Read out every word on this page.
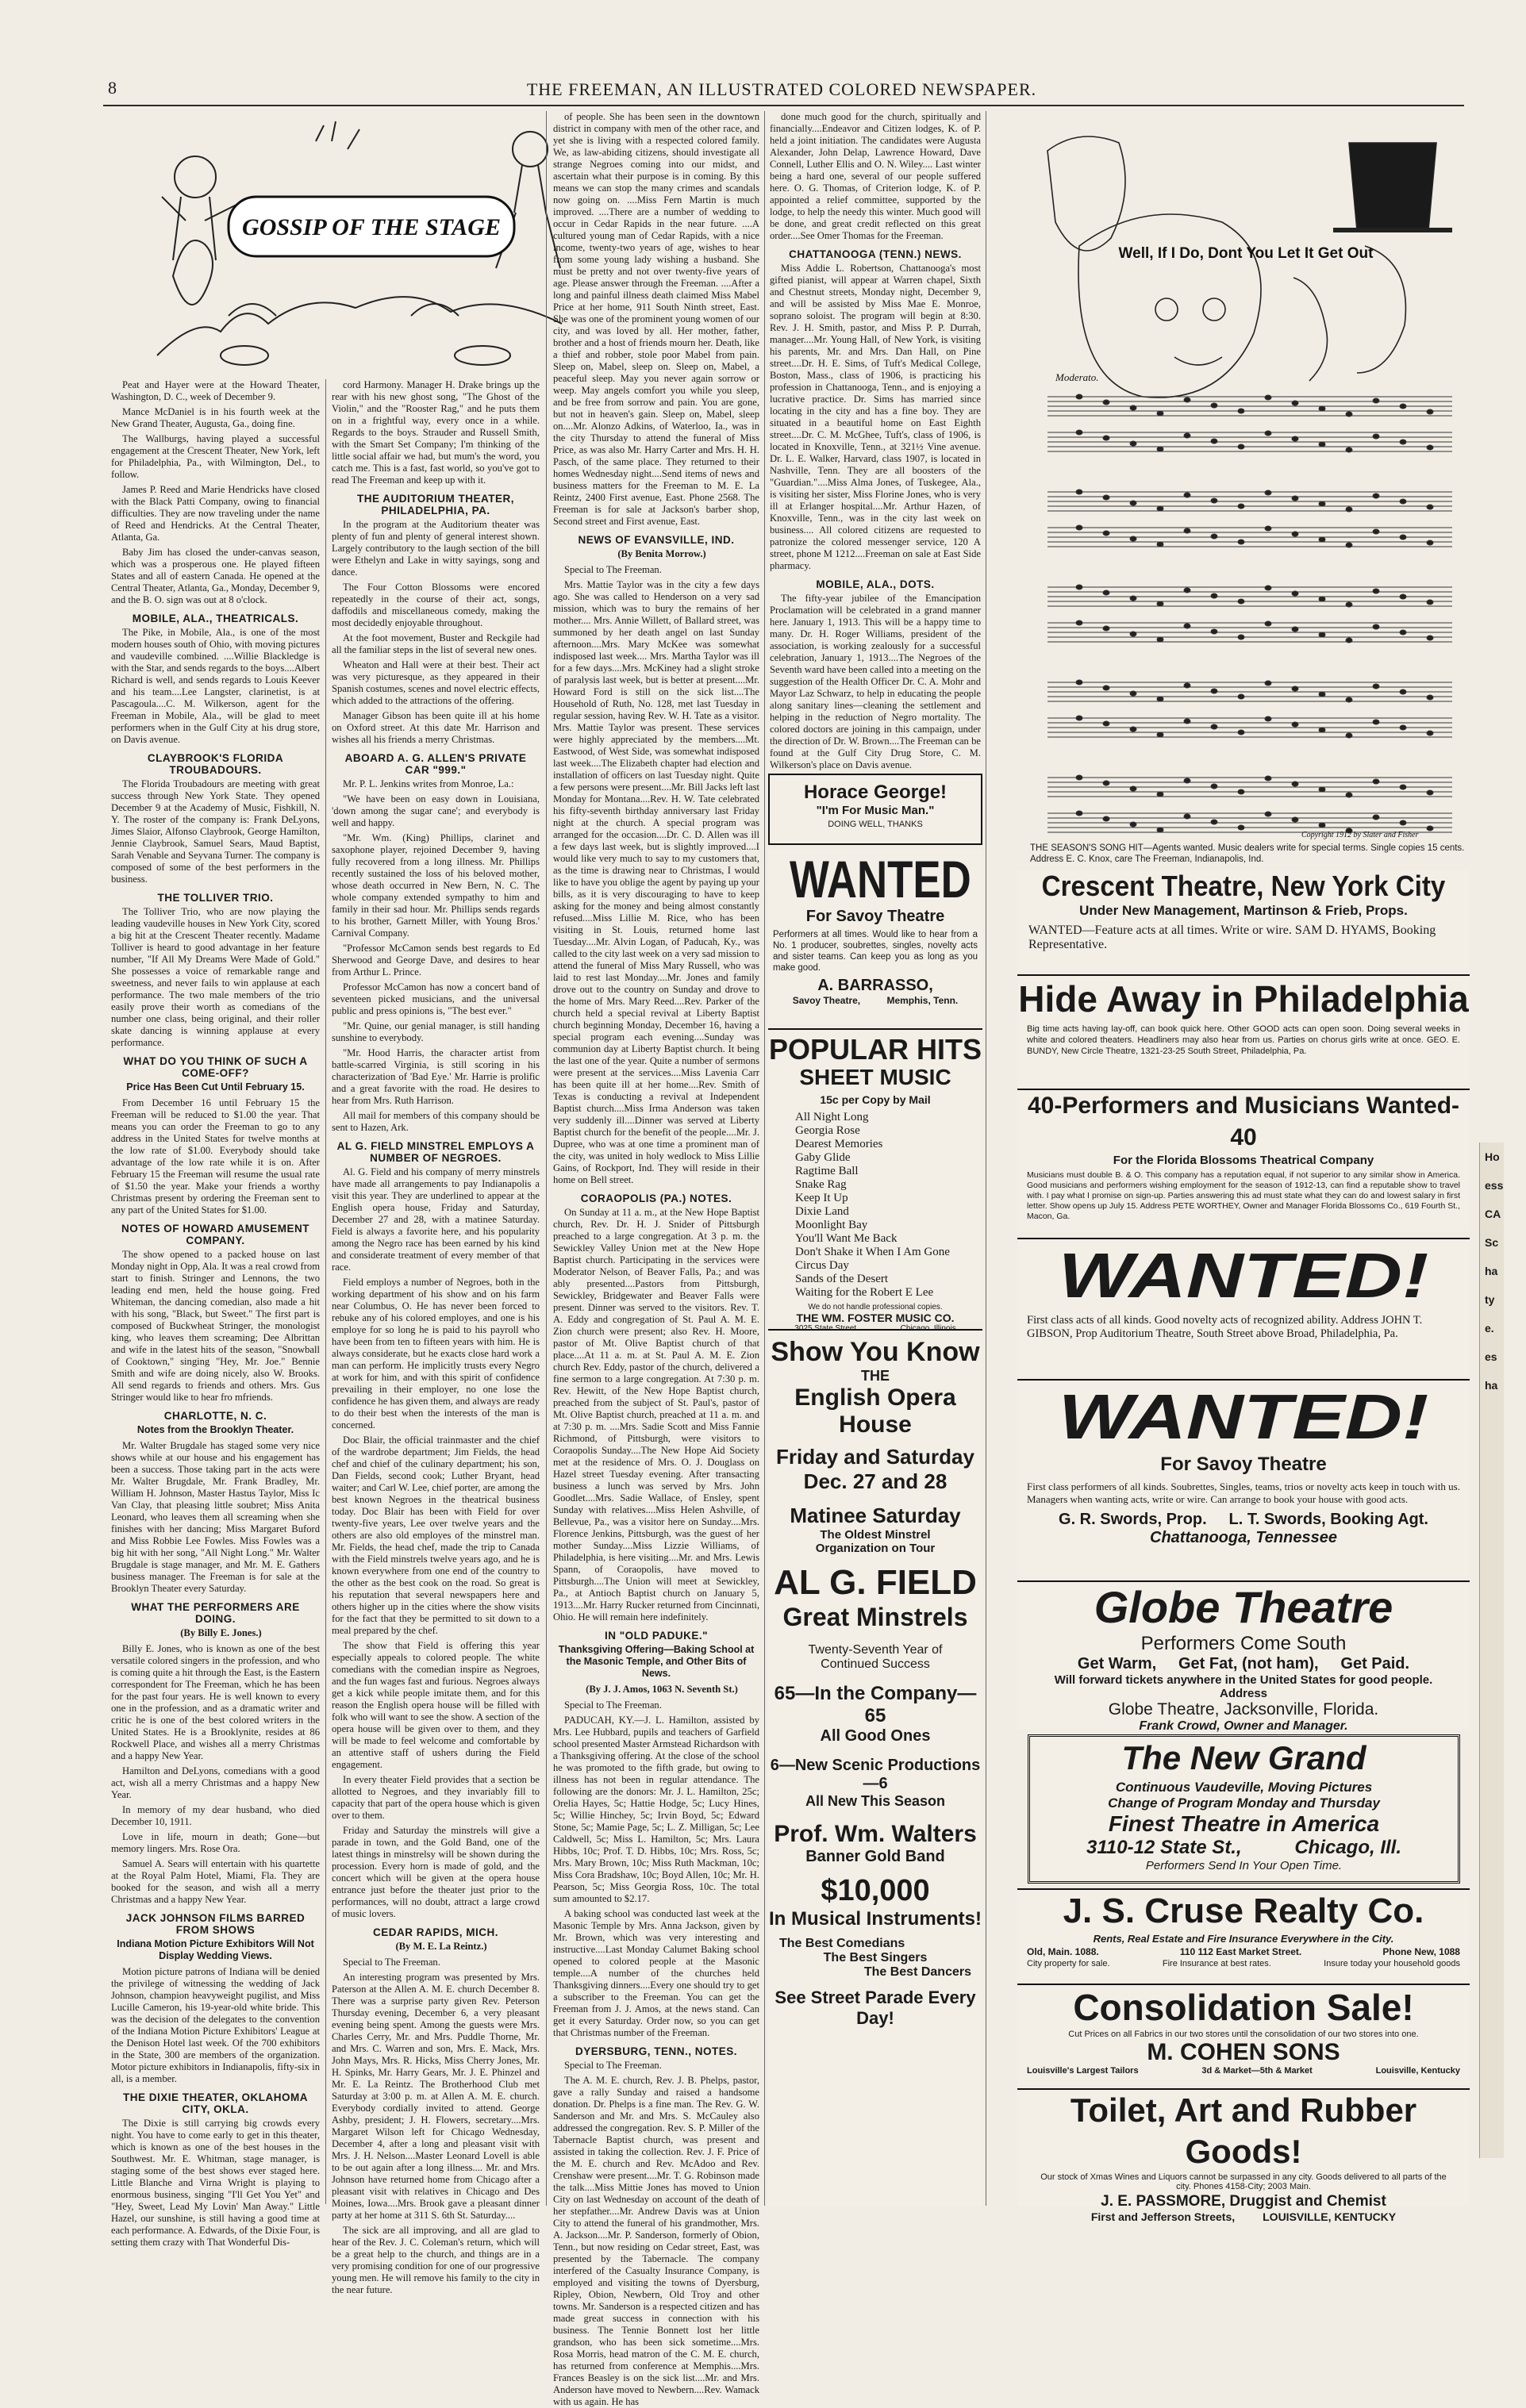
8	THE FREEMAN, AN ILLUSTRATED COLORED NEWSPAPER.
GOSSIP OF THE STAGE

Peat and Hayer were at the Howard Theater, Washington, D. C., week of December 9.

Mance McDaniel is in his fourth week at the New Grand Theater, Augusta, Ga., doing fine.

The Wallburgs, having played a successful engagement at the Crescent Theater, New York, left for Philadelphia, Pa., with Wilmington, Del., to follow.

James P. Reed and Marie Hendricks have closed with the Black Patti Company, owing to financial difficulties. They are now traveling under the name of Reed and Hendricks. At the Central Theater, Atlanta, Ga.

Baby Jim has closed the under-canvas season, which was a prosperous one. He played fifteen States and all of eastern Canada. He opened at the Central Theater, Atlanta, Ga., Monday, December 9, and the B. O. sign was out at 8 o'clock.

MOBILE, ALA., THEATRICALS.

The Pike, in Mobile, Ala., is one of the most modern houses south of Ohio, with moving pictures and vaudeville combined. ....Willie Blackledge is with the Star, and sends regards to the boys....Albert Richard is well, and sends regards to Louis Keever and his team....Lee Langster, clarinetist, is at Pascagoula....C. M. Wilkerson, agent for the Freeman in Mobile, Ala., will be glad to meet performers when in the Gulf City at his drug store, on Davis avenue.

CLAYBROOK'S FLORIDA TROUBADOURS.

The Florida Troubadours are meeting with great success through New York State. They opened December 9 at the Academy of Music, Fishkill, N. Y. The roster of the company is: Frank DeLyons, Jimes Slaior, Alfonso Claybrook, George Hamilton, Jennie Claybrook, Samuel Sears, Maud Baptist, Sarah Venable and Seyvana Turner. The company is composed of some of the best performers in the business.

THE TOLLIVER TRIO.

The Tolliver Trio, who are now playing the leading vaudeville houses in New York City, scored a big hit at the Crescent Theater recently. Madame Tolliver is heard to good advantage in her feature number, "If All My Dreams Were Made of Gold." She possesses a voice of remarkable range and sweetness, and never fails to win applause at each performance. The two male members of the trio easily prove their worth as comedians of the number one class, being original, and their roller skate dancing is winning applause at every performance.

WHAT DO YOU THINK OF SUCH A COME-OFF?
Price Has Been Cut Until February 15.

From December 16 until February 15 the Freeman will be reduced to $1.00 the year. That means you can order the Freeman to go to any address in the United States for twelve months at the low rate of $1.00. Everybody should take advantage of the low rate while it is on. After February 15 the Freeman will resume the usual rate of $1.50 the year. Make your friends a worthy Christmas present by ordering the Freeman sent to any part of the United States for $1.00.

NOTES OF HOWARD AMUSEMENT COMPANY.

The show opened to a packed house on last Monday night in Opp, Ala. It was a real crowd from start to finish. Stringer and Lennons, the two leading end men, held the house going. Fred Whiteman, the dancing comedian, also made a hit with his song, "Black, but Sweet." The first part is composed of Buckwheat Stringer, the monologist king, who leaves them screaming; Dee Albrittan and wife in the latest hits of the season, "Snowball of Cooktown," singing "Hey, Mr. Joe." Bennie Smith and wife are doing nicely, also W. Brooks. All send regards to friends and others. Mrs. Gus Stringer would like to hear fro mfriends.

CHARLOTTE, N. C.
Notes from the Brooklyn Theater.

Mr. Walter Brugdale has staged some very nice shows while at our house and his engagement has been a success. Those taking part in the acts were Mr. Walter Brugdale, Mr. Frank Bradley, Mr. William H. Johnson, Master Hastus Taylor, Miss Ic Van Clay, that pleasing little soubret; Miss Anita Leonard, who leaves them all screaming when she finishes with her dancing; Miss Margaret Buford and Miss Robbie Lee Fowles. Miss Fowles was a big hit with her song, "All Night Long." Mr. Walter Brugdale is stage manager, and Mr. M. E. Gathers business manager. The Freeman is for sale at the Brooklyn Theater every Saturday.

WHAT THE PERFORMERS ARE DOING.

(By Billy E. Jones.)

Billy E. Jones, who is known as one of the best versatile colored singers in the profession, and who is coming quite a hit through the East, is the Eastern correspondent for The Freeman, which he has been for the past four years. He is well known to every one in the profession, and as a dramatic writer and critic he is one of the best colored writers in the United States. He is a Brooklynite, resides at 86 Rockwell Place, and wishes all a merry Christmas and a happy New Year.

Hamilton and DeLyons, comedians with a good act, wish all a merry Christmas and a happy New Year.

In memory of my dear husband, who died December 10, 1911.

Love in life, mourn in death; Gone—but memory lingers. Mrs. Rose Ora.

Samuel A. Sears will entertain with his quartette at the Royal Palm Hotel, Miami, Fla. They are booked for the season, and wish all a merry Christmas and a happy New Year.

JACK JOHNSON FILMS BARRED FROM SHOWS
Indiana Motion Picture Exhibitors Will Not Display Wedding Views.

Motion picture patrons of Indiana will be denied the privilege of witnessing the wedding of Jack Johnson, champion heavyweight pugilist, and Miss Lucille Cameron, his 19-year-old white bride. This was the decision of the delegates to the convention of the Indiana Motion Picture Exhibitors' League at the Denison Hotel last week. Of the 700 exhibitors in the State, 300 are members of the organization. Motor picture exhibitors in Indianapolis, fifty-six in all, is a member.

THE DIXIE THEATER, OKLAHOMA CITY, OKLA.

The Dixie is still carrying big crowds every night. You have to come early to get in this theater, which is known as one of the best houses in the Southwest. Mr. E. Whitman, stage manager, is staging some of the best shows ever staged here. Little Blanche and Virna Wright is playing to enormous business, singing "I'll Get You Yet" and "Hey, Sweet, Lead My Lovin' Man Away." Little Hazel, our sunshine, is still having a good time at each performance. A. Edwards, of the Dixie Four, is setting them crazy with That Wonderful Dis-

cord Harmony. Manager H. Drake brings up the rear with his new ghost song, "The Ghost of the Violin," and the "Rooster Rag," and he puts them on in a frightful way, every once in a while. Regards to the boys. Strauder and Russell Smith, with the Smart Set Company; I'm thinking of the little social affair we had, but mum's the word, you catch me. This is a fast, fast world, so you've got to read The Freeman and keep up with it.

THE AUDITORIUM THEATER, PHILADELPHIA, PA.

In the program at the Auditorium theater was plenty of fun and plenty of general interest shown. Largely contributory to the laugh section of the bill were Ethelyn and Lake in witty sayings, song and dance.

The Four Cotton Blossoms were encored repeatedly in the course of their act, songs, daffodils and miscellaneous comedy, making the most decidedly enjoyable throughout.

At the foot movement, Buster and Reckgile had all the familiar steps in the list of several new ones.

Wheaton and Hall were at their best. Their act was very picturesque, as they appeared in their Spanish costumes, scenes and novel electric effects, which added to the attractions of the offering.

Manager Gibson has been quite ill at his home on Oxford street. At this date Mr. Harrison and wishes all his friends a merry Christmas.

ABOARD A. G. ALLEN'S PRIVATE CAR "999."

Mr. P. L. Jenkins writes from Monroe, La.:

"We have been on easy down in Louisiana, 'down among the sugar cane'; and everybody is well and happy.

"Mr. Wm. (King) Phillips, clarinet and saxophone player, rejoined December 9, having fully recovered from a long illness. Mr. Phillips recently sustained the loss of his beloved mother, whose death occurred in New Bern, N. C. The whole company extended sympathy to him and family in their sad hour. Mr. Phillips sends regards to his brother, Garnett Miller, with Young Bros.' Carnival Company.

"Professor McCamon sends best regards to Ed Sherwood and George Dave, and desires to hear from Arthur L. Prince.

Professor McCamon has now a concert band of seventeen picked musicians, and the universal public and press opinions is, "The best ever."

"Mr. Quine, our genial manager, is still handing sunshine to everybody.

"Mr. Hood Harris, the character artist from battle-scarred Virginia, is still scoring in his characterization of 'Bad Eye.' Mr. Harrie is prolific and a great favorite with the road. He desires to hear from Mrs. Ruth Harrison.

All mail for members of this company should be sent to Hazen, Ark.

AL G. FIELD MINSTREL EMPLOYS A NUMBER OF NEGROES.

Al. G. Field and his company of merry minstrels have made all arrangements to pay Indianapolis a visit this year. They are underlined to appear at the English opera house, Friday and Saturday, December 27 and 28, with a matinee Saturday. Field is always a favorite here, and his popularity among the Negro race has been earned by his kind and considerate treatment of every member of that race.

Field employs a number of Negroes, both in the working department of his show and on his farm near Columbus, O. He has never been forced to rebuke any of his colored employes, and one is his employe for so long he is paid to his payroll who have been from ten to fifteen years with him. He is always considerate, but he exacts close hard work a man can perform. He implicitly trusts every Negro at work for him, and with this spirit of confidence prevailing in their employer, no one lose the confidence he has given them, and always are ready to do their best when the interests of the man is concerned.

Doc Blair, the official trainmaster and the chief of the wardrobe department; Jim Fields, the head chef and chief of the culinary department; his son, Dan Fields, second cook; Luther Bryant, head waiter; and Carl W. Lee, chief porter, are among the best known Negroes in the theatrical business today. Doc Blair has been with Field for over twenty-five years, Lee over twelve years and the others are also old employes of the minstrel man. Mr. Fields, the head chef, made the trip to Canada with the Field minstrels twelve years ago, and he is known everywhere from one end of the country to the other as the best cook on the road. So great is his reputation that several newspapers here and others higher up in the cities where the show visits for the fact that they be permitted to sit down to a meal prepared by the chef.

The show that Field is offering this year especially appeals to colored people. The white comedians with the comedian inspire as Negroes, and the fun wages fast and furious. Negroes always get a kick while people imitate them, and for this reason the English opera house will be filled with folk who will want to see the show. A section of the opera house will be given over to them, and they will be made to feel welcome and comfortable by an attentive staff of ushers during the Field engagement.

In every theater Field provides that a section be allotted to Negroes, and they invariably fill to capacity that part of the opera house which is given over to them.

Friday and Saturday the minstrels will give a parade in town, and the Gold Band, one of the latest things in minstrelsy will be shown during the procession. Every horn is made of gold, and the concert which will be given at the opera house entrance just before the theater just prior to the performances, will no doubt, attract a large crowd of music lovers.

CEDAR RAPIDS, MICH.

(By M. E. La Reintz.)

Special to The Freeman.

An interesting program was presented by Mrs. Paterson at the Allen A. M. E. church December 8. There was a surprise party given Rev. Peterson Thursday evening, December 6, a very pleasant evening being spent. Among the guests were Mrs. Charles Cerry, Mr. and Mrs. Puddle Thorne, Mr. and Mrs. C. Warren and son, Mrs. E. Mack, Mrs. John Mays, Mrs. R. Hicks, Miss Cherry Jones, Mr. H. Spinks, Mr. Harry Gears, Mr. J. E. Phinzel and Mr. E. La Reintz. The Brotherhood Club met Saturday at 3:00 p. m. at Allen A. M. E. church. Everybody cordially invited to attend. George Ashby, president; J. H. Flowers, secretary....Mrs. Margaret Wilson left for Chicago Wednesday, December 4, after a long and pleasant visit with Mrs. J. H. Nelson....Master Leonard Lovell is able to be out again after a long illness.... Mr. and Mrs. Johnson have returned home from Chicago after a pleasant visit with relatives in Chicago and Des Moines, Iowa....Mrs. Brook gave a pleasant dinner party at her home at 311 S. 6th St. Saturday....

The sick are all improving, and all are glad to hear of the Rev. J. C. Coleman's return, which will be a great help to the church, and things are in a very promising condition for one of our progressive young men. He will remove his family to the city in the near future.

of people. She has been seen in the downtown district in company with men of the other race, and yet she is living with a respected colored family. We, as law-abiding citizens, should investigate all strange Negroes coming into our midst, and ascertain what their purpose is in coming. By this means we can stop the many crimes and scandals now going on. ....Miss Fern Martin is much improved. ....There are a number of wedding to occur in Cedar Rapids in the near future. ....A cultured young man of Cedar Rapids, with a nice income, twenty-two years of age, wishes to hear from some young lady wishing a husband. She must be pretty and not over twenty-five years of age. Please answer through the Freeman. ....After a long and painful illness death claimed Miss Mabel Price at her home, 911 South Ninth street, East. She was one of the prominent young women of our city, and was loved by all. Her mother, father, brother and a host of friends mourn her. Death, like a thief and robber, stole poor Mabel from pain. Sleep on, Mabel, sleep on. Sleep on, Mabel, a peaceful sleep. May you never again sorrow or weep. May angels comfort you while you sleep, and be free from sorrow and pain. You are gone, but not in heaven's gain. Sleep on, Mabel, sleep on....Mr. Alonzo Adkins, of Waterloo, Ia., was in the city Thursday to attend the funeral of Miss Price, as was also Mr. Harry Carter and Mrs. H. H. Pasch, of the same place. They returned to their homes Wednesday night....Send items of news and business matters for the Freeman to M. E. La Reintz, 2400 First avenue, East. Phone 2568. The Freeman is for sale at Jackson's barber shop, Second street and First avenue, East.

NEWS OF EVANSVILLE, IND.

(By Benita Morrow.)

Special to The Freeman.

Mrs. Mattie Taylor was in the city a few days ago. She was called to Henderson on a very sad mission, which was to bury the remains of her mother.... Mrs. Annie Willett, of Ballard street, was summoned by her death angel on last Sunday afternoon....Mrs. Mary McKee was somewhat indisposed last week.... Mrs. Martha Taylor was ill for a few days....Mrs. McKiney had a slight stroke of paralysis last week, but is better at present....Mr. Howard Ford is still on the sick list....The Household of Ruth, No. 128, met last Tuesday in regular session, having Rev. W. H. Tate as a visitor. Mrs. Mattie Taylor was present. These services were highly appreciated by the members....Mt. Eastwood, of West Side, was somewhat indisposed last week....The Elizabeth chapter had election and installation of officers on last Tuesday night. Quite a few persons were present....Mr. Bill Jacks left last Monday for Montana....Rev. H. W. Tate celebrated his fifty-seventh birthday anniversary last Friday night at the church. A special program was arranged for the occasion....Dr. C. D. Allen was ill a few days last week, but is slightly improved....I would like very much to say to my customers that, as the time is drawing near to Christmas, I would like to have you oblige the agent by paying up your bills, as it is very discouraging to have to keep asking for the money and being almost constantly refused....Miss Lillie M. Rice, who has been visiting in St. Louis, returned home last Tuesday....Mr. Alvin Logan, of Paducah, Ky., was called to the city last week on a very sad mission to attend the funeral of Miss Mary Russell, who was laid to rest last Monday....Mr. Jones and family drove out to the country on Sunday and drove to the home of Mrs. Mary Reed....Rev. Parker of the church held a special revival at Liberty Baptist church beginning Monday, December 16, having a special program each evening....Sunday was communion day at Liberty Baptist church. It being the last one of the year. Quite a number of sermons were present at the services....Miss Lavenia Carr has been quite ill at her home....Rev. Smith of Texas is conducting a revival at Independent Baptist church....Miss Irma Anderson was taken very suddenly ill....Dinner was served at Liberty Baptist church for the benefit of the people....Mr. J. Dupree, who was at one time a prominent man of the city, was united in holy wedlock to Miss Lillie Gains, of Rockport, Ind. They will reside in their home on Bell street.

CORAOPOLIS (PA.) NOTES.

On Sunday at 11 a. m., at the New Hope Baptist church, Rev. Dr. H. J. Snider of Pittsburgh preached to a large congregation. At 3 p. m. the Sewickley Valley Union met at the New Hope Baptist church. Participating in the services were Moderator Nelson, of Beaver Falls, Pa.; and was ably presented....Pastors from Pittsburgh, Sewickley, Bridgewater and Beaver Falls were present. Dinner was served to the visitors. Rev. T. A. Eddy and congregation of St. Paul A. M. E. Zion church were present; also Rev. H. Moore, pastor of Mt. Olive Baptist church of that place....At 11 a. m. at St. Paul A. M. E. Zion church Rev. Eddy, pastor of the church, delivered a fine sermon to a large congregation. At 7:30 p. m. Rev. Hewitt, of the New Hope Baptist church, preached from the subject of St. Paul's, pastor of Mt. Olive Baptist church, preached at 11 a. m. and at 7:30 p. m. ....Mrs. Sadie Scott and Miss Fannie Richmond, of Pittsburgh, were visitors to Coraopolis Sunday....The New Hope Aid Society met at the residence of Mrs. O. J. Douglass on Hazel street Tuesday evening. After transacting business a lunch was served by Mrs. John Goodlet....Mrs. Sadie Wallace, of Ensley, spent Sunday with relatives....Miss Helen Ashville, of Bellevue, Pa., was a visitor here on Sunday....Mrs. Florence Jenkins, Pittsburgh, was the guest of her mother Sunday....Miss Lizzie Williams, of Philadelphia, is here visiting....Mr. and Mrs. Lewis Spann, of Coraopolis, have moved to Pittsburgh....The Union will meet at Sewickley, Pa., at Antioch Baptist church on January 5, 1913....Mr. Harry Rucker returned from Cincinnati, Ohio. He will remain here indefinitely.

IN "OLD PADUKE."
Thanksgiving Offering—Baking School at the Masonic Temple, and Other Bits of News.

(By J. J. Amos, 1063 N. Seventh St.)

Special to The Freeman.

PADUCAH, KY.—J. L. Hamilton, assisted by Mrs. Lee Hubbard, pupils and teachers of Garfield school presented Master Armstead Richardson with a Thanksgiving offering. At the close of the school he was promoted to the fifth grade, but owing to illness has not been in regular attendance. The following are the donors: Mr. J. L. Hamilton, 25c; Orelia Hayes, 5c; Hattie Hodge, 5c; Lucy Hines, 5c; Willie Hinchey, 5c; Irvin Boyd, 5c; Edward Stone, 5c; Mamie Page, 5c; L. Z. Milligan, 5c; Lee Caldwell, 5c; Miss L. Hamilton, 5c; Mrs. Laura Hibbs, 10c; Prof. T. D. Hibbs, 10c; Mrs. Ross, 5c; Mrs. Mary Brown, 10c; Miss Ruth Mackman, 10c; Miss Cora Bradshaw, 10c; Boyd Allen, 10c; Mr. H. Pearson, 5c; Miss Georgia Ross, 10c. The total sum amounted to $2.17.

A baking school was conducted last week at the Masonic Temple by Mrs. Anna Jackson, given by Mr. Brown, which was very interesting and instructive....Last Monday Calumet Baking school opened to colored people at the Masonic temple....A number of the churches held Thanksgiving dinners....Every one should try to get a subscriber to the Freeman. You can get the Freeman from J. J. Amos, at the news stand. Can get it every Saturday. Order now, so you can get that Christmas number of the Freeman.

DYERSBURG, TENN., NOTES.

Special to The Freeman.

The A. M. E. church, Rev. J. B. Phelps, pastor, gave a rally Sunday and raised a handsome donation. Dr. Phelps is a fine man. The Rev. G. W. Sanderson and Mr. and Mrs. S. McCauley also addressed the congregation. Rev. S. P. Miller of the Tabernacle Baptist church, was present and assisted in taking the collection. Rev. J. F. Price of the M. E. church and Rev. McAdoo and Rev. Crenshaw were present....Mr. T. G. Robinson made the talk....Miss Mittie Jones has moved to Union City on last Wednesday on account of the death of her stepfather....Mr. Andrew Davis was at Union City to attend the funeral of his grandmother, Mrs. A. Jackson....Mr. P. Sanderson, formerly of Obion, Tenn., but now residing on Cedar street, East, was presented by the Tabernacle. The company interfered of the Casualty Insurance Company, is employed and visiting the towns of Dyersburg, Ripley, Obion, Newbern, Old Troy and other towns. Mr. Sanderson is a respected citizen and has made great success in connection with his business. The Tennie Bonnett lost her little grandson, who has been sick sometime....Mrs. Rosa Morris, head matron of the C. M. E. church, has returned from conference at Memphis....Mrs. Frances Beasley is on the sick list....Mr. and Mrs. Anderson have moved to Newbern....Rev. Wamack with us again. He has

done much good for the church, spiritually and financially....Endeavor and Citizen lodges, K. of P. held a joint initiation. The candidates were Augusta Alexander, John Delap, Lawrence Howard, Dave Connell, Luther Ellis and O. N. Wiley.... Last winter being a hard one, several of our people suffered here. O. G. Thomas, of Criterion lodge, K. of P. appointed a relief committee, supported by the lodge, to help the needy this winter. Much good will be done, and great credit reflected on this great order....See Omer Thomas for the Freeman.

CHATTANOOGA (TENN.) NEWS.

Miss Addie L. Robertson, Chattanooga's most gifted pianist, will appear at Warren chapel, Sixth and Chestnut streets, Monday night, December 9, and will be assisted by Miss Mae E. Monroe, soprano soloist. The program will begin at 8:30. Rev. J. H. Smith, pastor, and Miss P. P. Durrah, manager....Mr. Young Hall, of New York, is visiting his parents, Mr. and Mrs. Dan Hall, on Pine street....Dr. H. E. Sims, of Tuft's Medical College, Boston, Mass., class of 1906, is practicing his profession in Chattanooga, Tenn., and is enjoying a lucrative practice. Dr. Sims has married since locating in the city and has a fine boy. They are situated in a beautiful home on East Eighth street....Dr. C. M. McGhee, Tuft's, class of 1906, is located in Knoxville, Tenn., at 321½ Vine avenue. Dr. L. E. Walker, Harvard, class 1907, is located in Nashville, Tenn. They are all boosters of the "Guardian."....Miss Alma Jones, of Tuskegee, Ala., is visiting her sister, Miss Florine Jones, who is very ill at Erlanger hospital....Mr. Arthur Hazen, of Knoxville, Tenn., was in the city last week on business.... All colored citizens are requested to patronize the colored messenger service, 120 A street, phone M 1212....Freeman on sale at East Side pharmacy.

MOBILE, ALA., DOTS.

The fifty-year jubilee of the Emancipation Proclamation will be celebrated in a grand manner here. January 1, 1913. This will be a happy time to many. Dr. H. Roger Williams, president of the association, is working zealously for a successful celebration, January 1, 1913....The Negroes of the Seventh ward have been called into a meeting on the suggestion of the Health Officer Dr. C. A. Mohr and Mayor Laz Schwarz, to help in educating the people along sanitary lines—cleaning the settlement and helping in the reduction of Negro mortality. The colored doctors are joining in this campaign, under the direction of Dr. W. Brown....The Freeman can be found at the Gulf City Drug Store, C. M. Wilkerson's place on Davis avenue.

Horace George!
"I'm For Music Man."
DOING WELL, THANKS
WANTED
For Savoy Theatre
Performers at all times. Would like to hear from a No. 1 producer, soubrettes, singles, novelty acts and sister teams. Can keep you as long as you make good.
A. BARRASSO,
Savoy Theatre,          Memphis, Tenn.
POPULAR HITS
SHEET MUSIC
15c per Copy by Mail
All Night Long
Georgia Rose
Dearest Memories
Gaby Glide
Ragtime Ball
Snake Rag
Keep It Up
Dixie Land
Moonlight Bay
You'll Want Me Back
Don't Shake it When I Am Gone
Circus Day
Sands of the Desert
Waiting for the Robert E Lee
We do not handle professional copies.
THE WM. FOSTER MUSIC CO.
Show You Know
THE
English Opera House
Friday and Saturday
Dec. 27 and 28
Matinee Saturday
The Oldest Minstrel Organization on Tour
AL G. FIELD
Great Minstrels
Twenty-Seventh Year of Continued Success
65—In the Company—65
All Good Ones
6—New Scenic Productions—6
All New This Season
Prof. Wm. Walters
Banner Gold Band
$10,000
In Musical Instruments!
The Best Comedians
The Best Singers
The Best Dancers
See Street Parade Every Day!
Well, If I Do, Dont You Let It Get Out
Moderato.
Copyright 1912 by Slater and Fisher
THE SEASON'S SONG HIT—Agents wanted. Music dealers write for special terms. Single copies 15 cents. Address E. C. Knox, care The Freeman, Indianapolis, Ind.
Crescent Theatre, New York City
Under New Management, Martinson & Frieb, Props.
WANTED—Feature acts at all times. Write or wire. SAM D. HYAMS, Booking Representative.
Hide Away in Philadelphia
Big time acts having lay-off, can book quick here. Other GOOD acts can open soon. Doing several weeks in white and colored theaters. Headliners may also hear from us. Parties on chorus girls write at once. GEO. E. BUNDY, New Circle Theatre, 1321-23-25 South Street, Philadelphia, Pa.
40-Performers and Musicians Wanted-40
For the Florida Blossoms Theatrical Company
Musicians must double B. & O. This company has a reputation equal, if not superior to any similar show in America. Good musicians and performers wishing employment for the season of 1912-13, can find a reputable show to travel with. I pay what I promise on sign-up. Parties answering this ad must state what they can do and lowest salary in first letter. Show opens up July 15. Address PETE WORTHEY, Owner and Manager Florida Blossoms Co., 619 Fourth St., Macon, Ga.
WANTED!
First class acts of all kinds. Good novelty acts of recognized ability. Address JOHN T. GIBSON, Prop Auditorium Theatre, South Street above Broad, Philadelphia, Pa.
WANTED!
For Savoy Theatre
First class performers of all kinds. Soubrettes, Singles, teams, trios or novelty acts keep in touch with us. Managers when wanting acts, write or wire. Can arrange to book your house with good acts.
G. R. Swords, Prop.     L. T. Swords, Booking Agt.
Chattanooga, Tennessee
Globe Theatre
Performers Come South
Get Warm,     Get Fat, (not ham),     Get Paid.
Will forward tickets anywhere in the United States for good people. Address
Globe Theatre, Jacksonville, Florida.
Frank Crowd, Owner and Manager.
The New Grand
Continuous Vaudeville, Moving Pictures
Change of Program Monday and Thursday
Finest Theatre in America
3110-12 State St.,          Chicago, Ill.
Performers Send In Your Open Time.
J. S. Cruse Realty Co.
Rents, Real Estate and Fire Insurance Everywhere in the City.
Old, Main. 1088.	110 112 East Market Street.	Phone New, 1088
City property for sale.	Fire Insurance at best rates.	Insure today your household goods
Consolidation Sale!
Cut Prices on all Fabrics in our two stores until the consolidation of our two stores into one.
M. COHEN SONS
Louisville's Largest Tailors	3d & Market—5th & Market	Louisville, Kentucky
Toilet, Art and Rubber Goods!
Our stock of Xmas Wines and Liquors cannot be surpassed in any city. Goods delivered to all parts of the city. Phones 4158-City; 2003 Main.
J. E. PASSMORE, Druggist and Chemist
First and Jefferson Streets,         LOUISVILLE, KENTUCKY
Ho
ess
CA
Sc
ha
ty
e.
es
ha
